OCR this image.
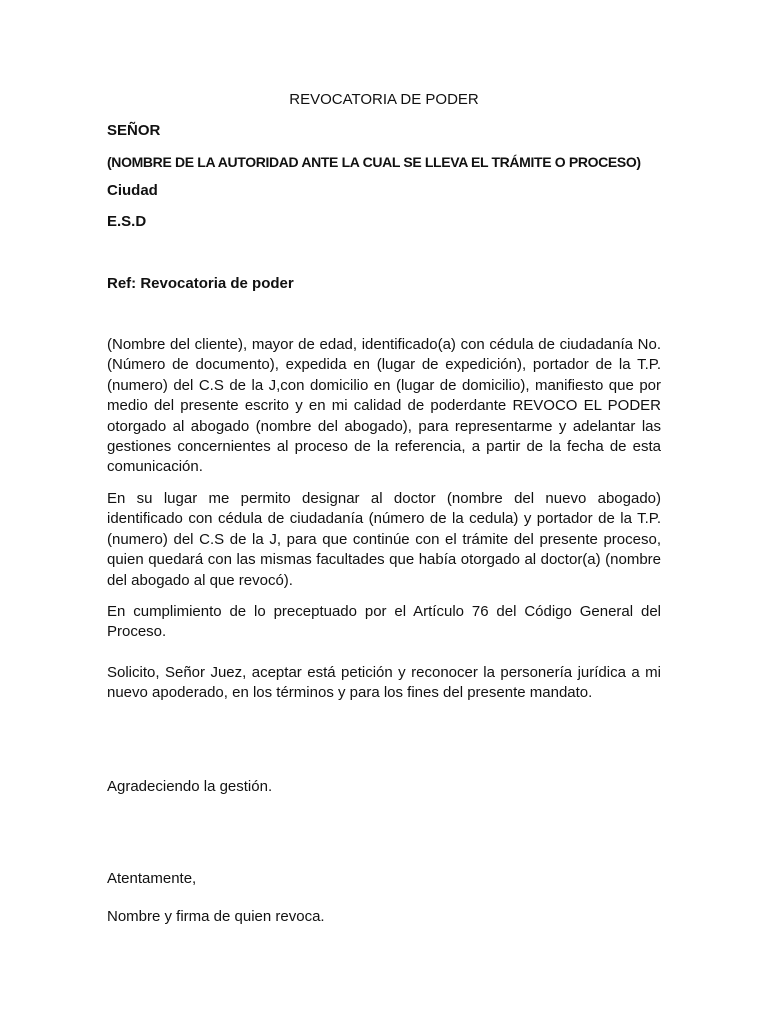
REVOCATORIA DE PODER
SEÑOR
(NOMBRE DE LA AUTORIDAD ANTE LA CUAL SE LLEVA EL TRÁMITE O PROCESO)
Ciudad
E.S.D
Ref: Revocatoria de poder
(Nombre del cliente), mayor de edad, identificado(a) con cédula de ciudadanía No. (Número de documento), expedida en (lugar de expedición), portador de la T.P. (numero) del C.S de la J,con domicilio en (lugar de domicilio), manifiesto que por medio del presente escrito y en mi calidad de poderdante REVOCO EL PODER otorgado al abogado (nombre del abogado), para representarme y adelantar las gestiones concernientes al proceso de la referencia, a partir de la fecha de esta comunicación.
En su lugar me permito designar al doctor (nombre del nuevo abogado) identificado con cédula de ciudadanía (número de la cedula) y portador de la T.P. (numero) del C.S de la J, para que continúe con el trámite del presente proceso, quien quedará con las mismas facultades que había otorgado al doctor(a) (nombre del abogado al que revocó).
En cumplimiento de lo preceptuado por el Artículo 76 del Código General del Proceso.
Solicito, Señor Juez, aceptar está petición y reconocer la personería jurídica a mi nuevo apoderado, en los términos y para los fines del presente mandato.
Agradeciendo la gestión.
Atentamente,
Nombre y firma de quien revoca.
